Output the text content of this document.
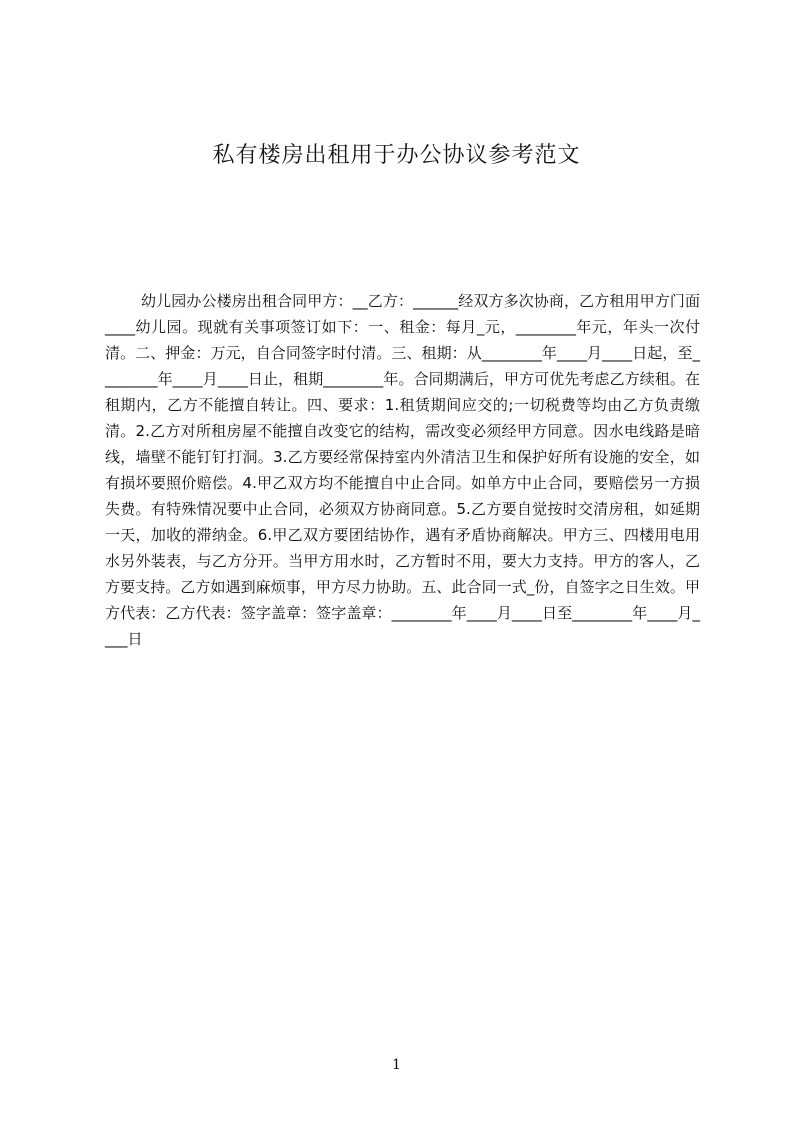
私有楼房出租用于办公协议参考范文
幼儿园办公楼房出租合同甲方：__乙方：______经双方多次协商，乙方租用甲方门面____幼儿园。现就有关事项签订如下：一、租金：每月_元，________年元，年头一次付清。二、押金：万元，自合同签字时付清。三、租期：从________年____月____日起，至________年____月____日止，租期________年。合同期满后，甲方可优先考虑乙方续租。在租期内，乙方不能擅自转让。四、要求：1.租赁期间应交的;一切税费等均由乙方负责缴清。2.乙方对所租房屋不能擅自改变它的结构，需改变必须经甲方同意。因水电线路是暗线，墙壁不能钉钉打洞。3.乙方要经常保持室内外清洁卫生和保护好所有设施的安全，如有损坏要照价赔偿。4.甲乙双方均不能擅自中止合同。如单方中止合同，要赔偿另一方损失费。有特殊情况要中止合同，必须双方协商同意。5.乙方要自觉按时交清房租，如延期一天，加收的滞纳金。6.甲乙双方要团结协作，遇有矛盾协商解决。甲方三、四楼用电用水另外装表，与乙方分开。当甲方用水时，乙方暂时不用，要大力支持。甲方的客人，乙方要支持。乙方如遇到麻烦事，甲方尽力协助。五、此合同一式_份，自签字之日生效。甲方代表：乙方代表：签字盖章：签字盖章：________年____月____日至________年____月____日
1
